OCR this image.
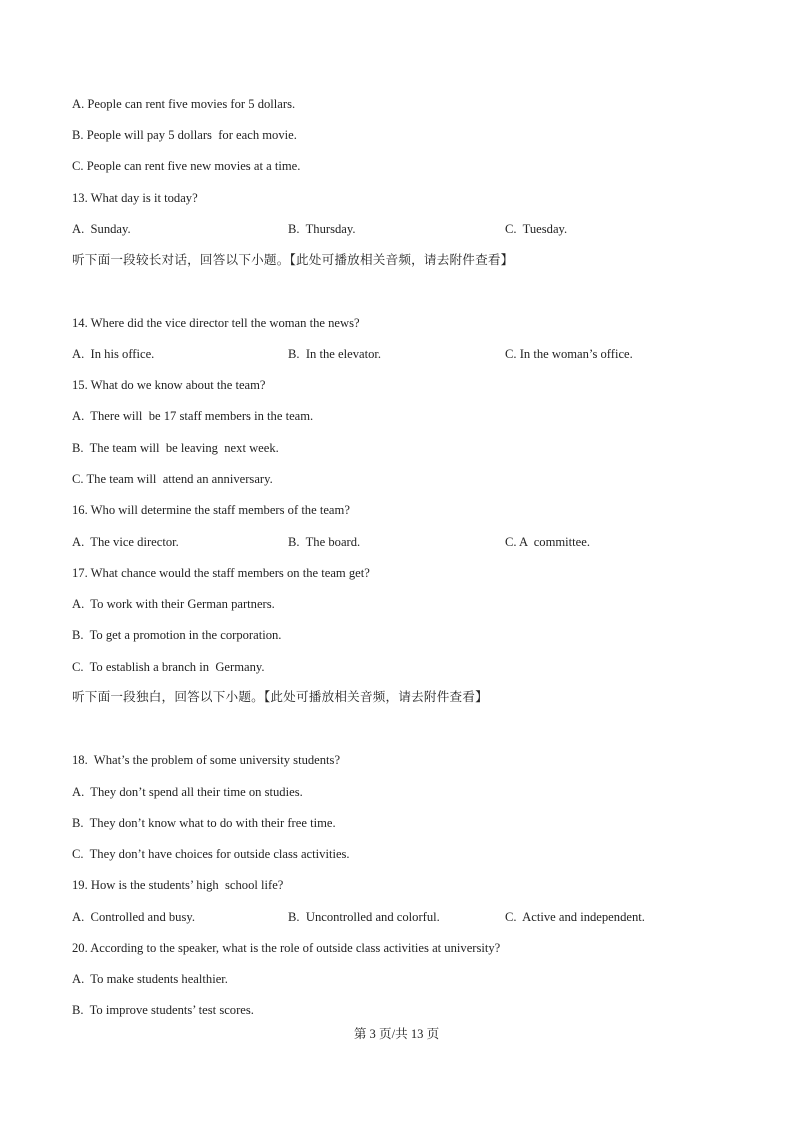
A. People can rent five movies for 5 dollars.
B. People will pay 5 dollars  for each movie.
C. People can rent five new movies at a time.
13. What day is it today?
A.  Sunday.	B.  Thursday.	C.  Tuesday.
听下面一段较长对话，回答以下小题。【此处可播放相关音频，请去附件查看】
14. Where did the vice director tell the woman the news?
A.  In his office.	B.  In the elevator.	C. In the woman’s office.
15. What do we know about the team?
A.  There will  be 17 staff members in the team.
B.  The team will  be leaving  next week.
C. The team will  attend an anniversary.
16. Who will determine the staff members of the team?
A.  The vice director.	B.  The board.	C. A  committee.
17. What chance would the staff members on the team get?
A.  To work with their German partners.
B.  To get a promotion in the corporation.
C.  To establish a branch in  Germany.
听下面一段独白，回答以下小题。【此处可播放相关音频，请去附件查看】
18.  What’s the problem of some university students?
A.  They don’t spend all their time on studies.
B.  They don’t know what to do with their free time.
C.  They don’t have choices for outside class activities.
19. How is the students’ high  school life?
A.  Controlled and busy.	B.  Uncontrolled and colorful.	C.  Active and independent.
20. According to the speaker, what is the role of outside class activities at university?
A.  To make students healthier.
B.  To improve students’ test scores.
第 3 页/共 13 页
